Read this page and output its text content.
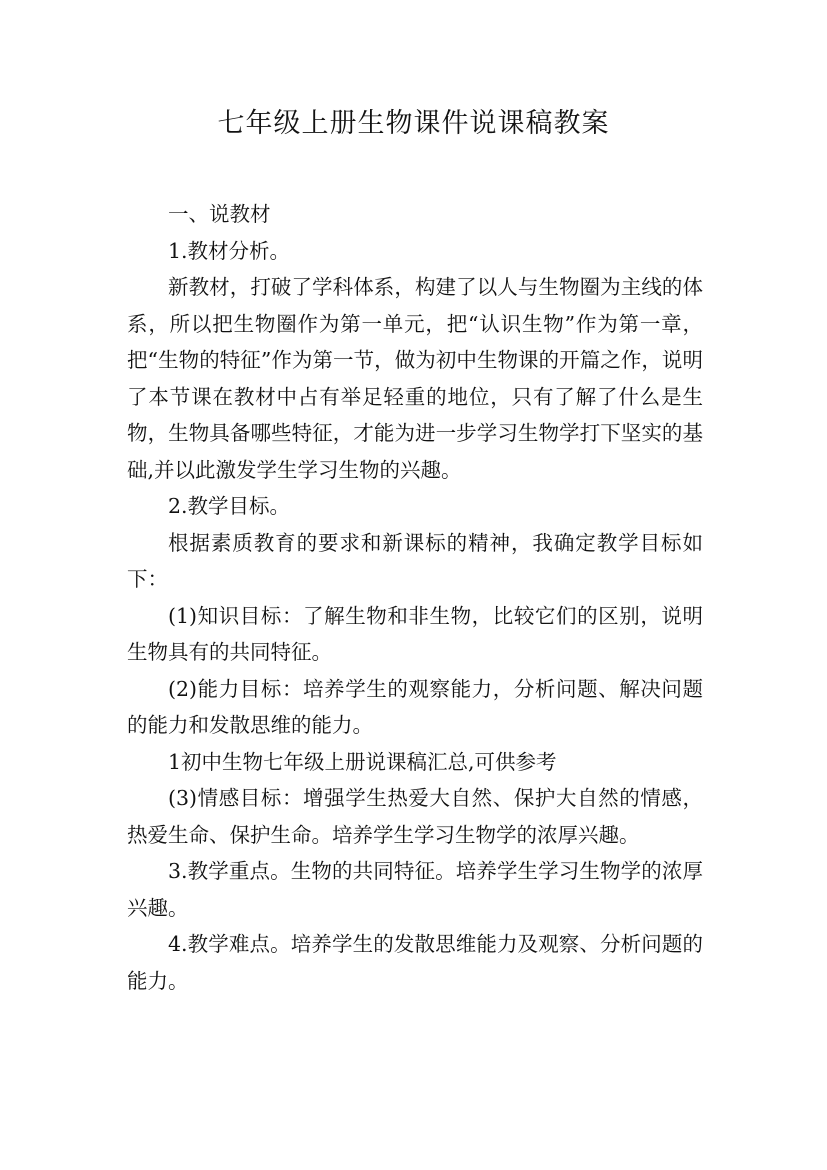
七年级上册生物课件说课稿教案

一、说教材

1.教材分析。

新教材，打破了学科体系，构建了以人与生物圈为主线的体系，所以把生物圈作为第一单元，把“认识生物”作为第一章，把“生物的特征”作为第一节，做为初中生物课的开篇之作，说明了本节课在教材中占有举足轻重的地位，只有了解了什么是生物，生物具备哪些特征，才能为进一步学习生物学打下坚实的基础,并以此激发学生学习生物的兴趣。

2.教学目标。

根据素质教育的要求和新课标的精神，我确定教学目标如下：

(1)知识目标：了解生物和非生物，比较它们的区别，说明生物具有的共同特征。

(2)能力目标：培养学生的观察能力，分析问题、解决问题的能力和发散思维的能力。

1初中生物七年级上册说课稿汇总,可供参考

(3)情感目标：增强学生热爱大自然、保护大自然的情感，热爱生命、保护生命。培养学生学习生物学的浓厚兴趣。

3.教学重点。生物的共同特征。培养学生学习生物学的浓厚兴趣。

4.教学难点。培养学生的发散思维能力及观察、分析问题的能力。
